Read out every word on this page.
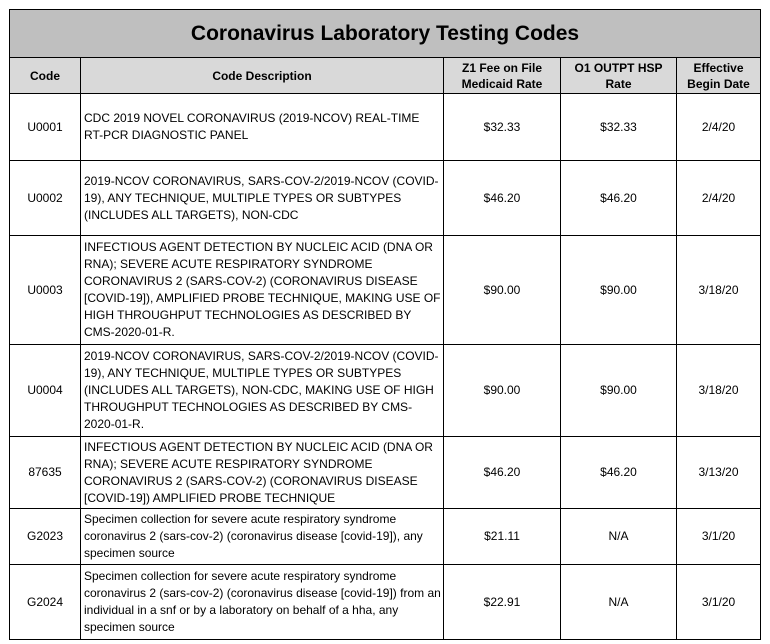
Coronavirus Laboratory Testing Codes				
Code	Code Description	Z1 Fee on File Medicaid Rate	O1 OUTPT HSP Rate	Effective Begin Date
U0001	CDC 2019 NOVEL CORONAVIRUS (2019-NCOV) REAL-TIME RT-PCR DIAGNOSTIC PANEL	$32.33	$32.33	2/4/20
U0002	2019-NCOV CORONAVIRUS, SARS-COV-2/2019-NCOV (COVID-19), ANY TECHNIQUE, MULTIPLE TYPES OR SUBTYPES (INCLUDES ALL TARGETS), NON-CDC	$46.20	$46.20	2/4/20
U0003	INFECTIOUS AGENT DETECTION BY NUCLEIC ACID (DNA OR RNA); SEVERE ACUTE RESPIRATORY SYNDROME CORONAVIRUS 2 (SARS-COV-2) (CORONAVIRUS DISEASE [COVID-19]), AMPLIFIED PROBE TECHNIQUE, MAKING USE OF HIGH THROUGHPUT TECHNOLOGIES AS DESCRIBED BY CMS-2020-01-R.	$90.00	$90.00	3/18/20
U0004	2019-NCOV CORONAVIRUS, SARS-COV-2/2019-NCOV (COVID-19), ANY TECHNIQUE, MULTIPLE TYPES OR SUBTYPES (INCLUDES ALL TARGETS), NON-CDC, MAKING USE OF HIGH THROUGHPUT TECHNOLOGIES AS DESCRIBED BY CMS-2020-01-R.	$90.00	$90.00	3/18/20
87635	INFECTIOUS AGENT DETECTION BY NUCLEIC ACID (DNA OR RNA); SEVERE ACUTE RESPIRATORY SYNDROME CORONAVIRUS 2 (SARS-COV-2) (CORONAVIRUS DISEASE [COVID-19]) AMPLIFIED PROBE TECHNIQUE	$46.20	$46.20	3/13/20
G2023	Specimen collection for severe acute respiratory syndrome coronavirus 2 (sars-cov-2) (coronavirus disease [covid-19]), any specimen source	$21.11	N/A	3/1/20
G2024	Specimen collection for severe acute respiratory syndrome coronavirus 2 (sars-cov-2) (coronavirus disease [covid-19]) from an individual in a snf or by a laboratory on behalf of a hha, any specimen source	$22.91	N/A	3/1/20
